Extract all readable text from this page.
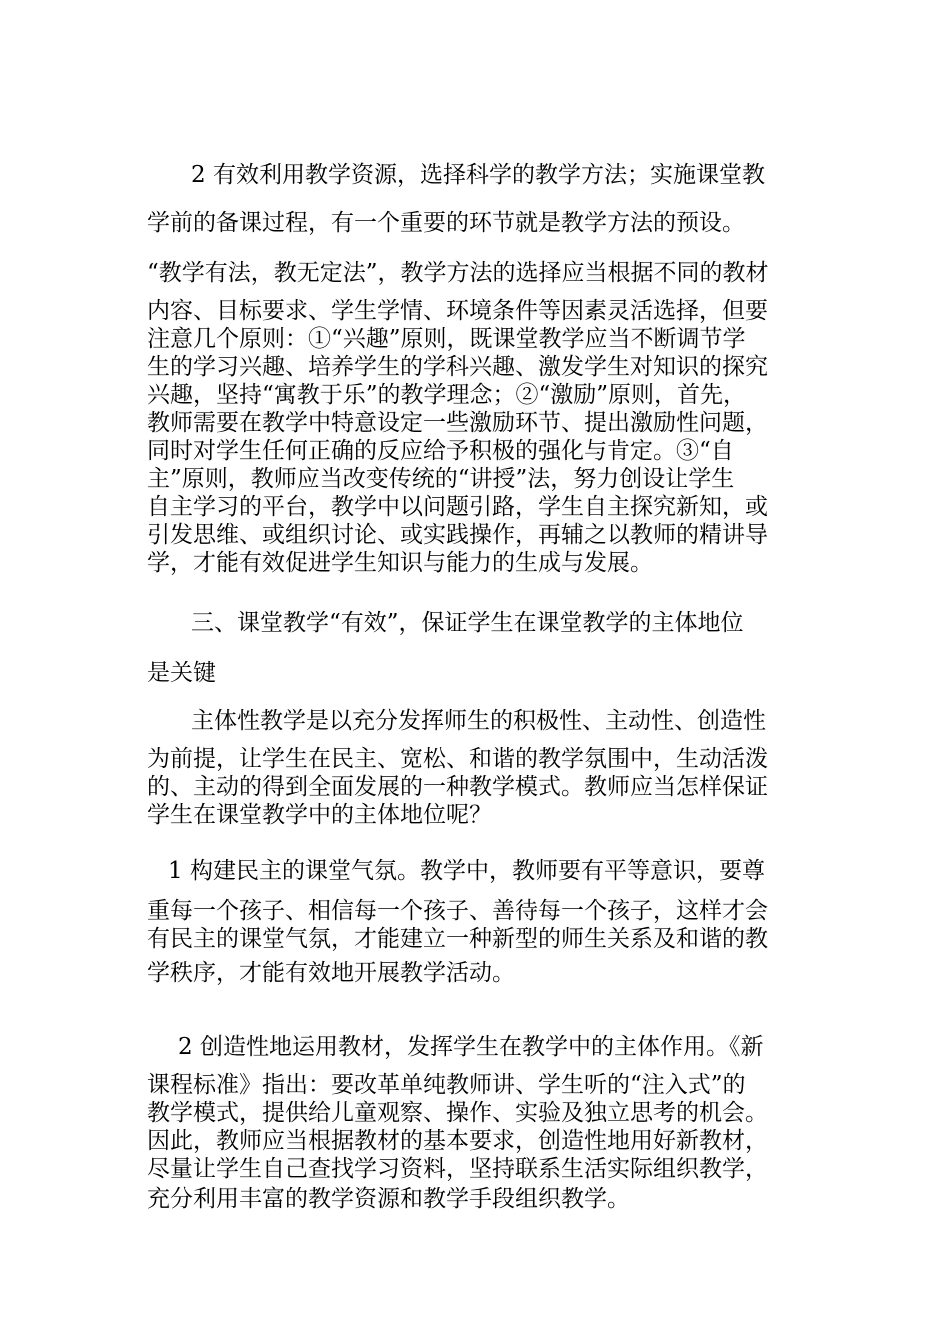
2 有效利用教学资源，选择科学的教学方法；实施课堂教

学前的备课过程，有一个重要的环节就是教学方法的预设。

“教学有法，教无定法”，教学方法的选择应当根据不同的教材

内容、目标要求、学生学情、环境条件等因素灵活选择，但要

注意几个原则：①“兴趣”原则，既课堂教学应当不断调节学

生的学习兴趣、培养学生的学科兴趣、激发学生对知识的探究

兴趣，坚持“寓教于乐”的教学理念；②“激励”原则，首先，

教师需要在教学中特意设定一些激励环节、提出激励性问题，

同时对学生任何正确的反应给予积极的强化与肯定。③“自

主”原则，教师应当改变传统的“讲授”法，努力创设让学生

自主学习的平台，教学中以问题引路，学生自主探究新知，或

引发思维、或组织讨论、或实践操作，再辅之以教师的精讲导

学，才能有效促进学生知识与能力的生成与发展。

三、课堂教学“有效”，保证学生在课堂教学的主体地位

是关键

主体性教学是以充分发挥师生的积极性、主动性、创造性

为前提，让学生在民主、宽松、和谐的教学氛围中，生动活泼

的、主动的得到全面发展的一种教学模式。教师应当怎样保证

学生在课堂教学中的主体地位呢？

1 构建民主的课堂气氛。教学中，教师要有平等意识，要尊

重每一个孩子、相信每一个孩子、善待每一个孩子，这样才会

有民主的课堂气氛，才能建立一种新型的师生关系及和谐的教

学秩序，才能有效地开展教学活动。

2 创造性地运用教材，发挥学生在教学中的主体作用。《新

课程标准》指出：要改革单纯教师讲、学生听的“注入式”的

教学模式，提供给儿童观察、操作、实验及独立思考的机会。

因此，教师应当根据教材的基本要求，创造性地用好新教材，

尽量让学生自己查找学习资料，坚持联系生活实际组织教学，

充分利用丰富的教学资源和教学手段组织教学。
